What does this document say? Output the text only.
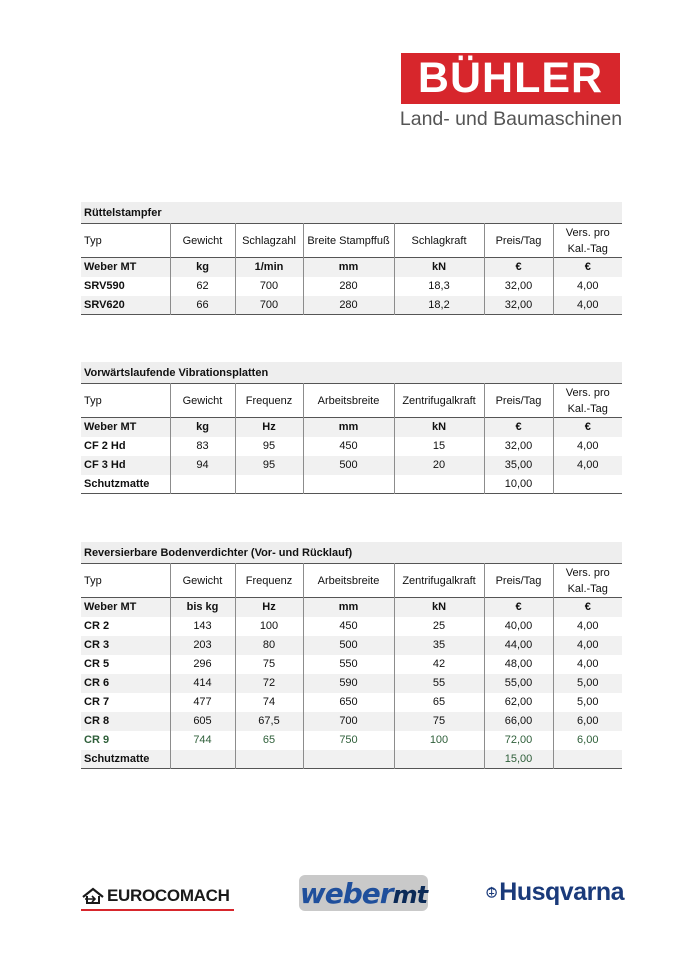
BÜHLER
Land- und Baumaschinen
Rüttelstampfer
Typ	Gewicht	Schlagzahl	Breite Stampffuß	Schlagkraft	Preis/Tag	Vers. pro Kal.-Tag
Weber MT	kg	1/min	mm	kN	€	€
SRV590	62	700	280	18,3	32,00	4,00
SRV620	66	700	280	18,2	32,00	4,00
Vorwärtslaufende Vibrationsplatten
Typ	Gewicht	Frequenz	Arbeitsbreite	Zentrifugalkraft	Preis/Tag	Vers. pro Kal.-Tag
Weber MT	kg	Hz	mm	kN	€	€
CF 2 Hd	83	95	450	15	32,00	4,00
CF 3 Hd	94	95	500	20	35,00	4,00
Schutzmatte					10,00	
Reversierbare Bodenverdichter (Vor- und Rücklauf)
Typ	Gewicht	Frequenz	Arbeitsbreite	Zentrifugalkraft	Preis/Tag	Vers. pro Kal.-Tag
Weber MT	bis kg	Hz	mm	kN	€	€
CR 2	143	100	450	25	40,00	4,00
CR 3	203	80	500	35	44,00	4,00
CR 5	296	75	550	42	48,00	4,00
CR 6	414	72	590	55	55,00	5,00
CR 7	477	74	650	65	62,00	5,00
CR 8	605	67,5	700	75	66,00	6,00
CR 9	744	65	750	100	72,00	6,00
Schutzmatte					15,00	
EUROCOMACH	webermt	Husqvarna
